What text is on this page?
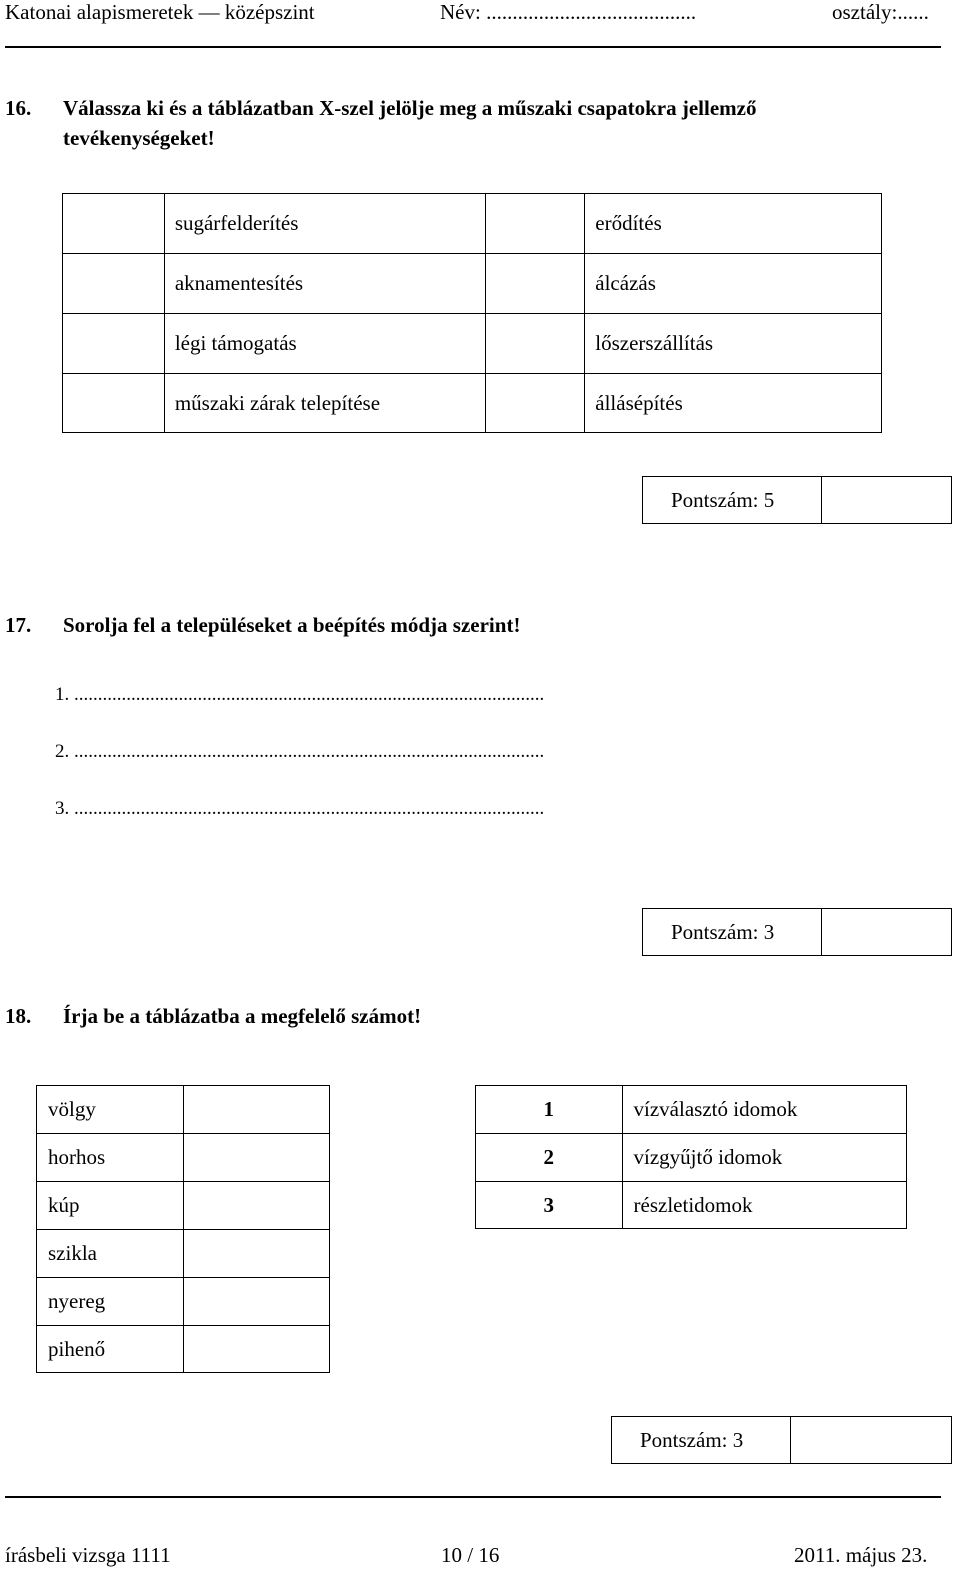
Katonai alapismeretek — középszint	Név: ........................................	osztály:......
16. Válassza ki és a táblázatban X-szel jelölje meg a műszaki csapatokra jellemző
tevékenységeket!
	sugárfelderítés		erődítés
	aknamentesítés		álcázás
	légi támogatás		lőszerszállítás
	műszaki zárak telepítése		állásépítés
Pontszám: 5
17. Sorolja fel a településeket a beépítés módja szerint!
1. ...................................................................................................
2. ...................................................................................................
3. ...................................................................................................
Pontszám: 3
18. Írja be a táblázatba a megfelelő számot!
völgy	
horhos	
kúp	
szikla	
nyereg	
pihenő	
1	vízválasztó idomok
2	vízgyűjtő idomok
3	részletidomok
Pontszám: 3
írásbeli vizsga 1111	10 / 16	2011. május 23.
